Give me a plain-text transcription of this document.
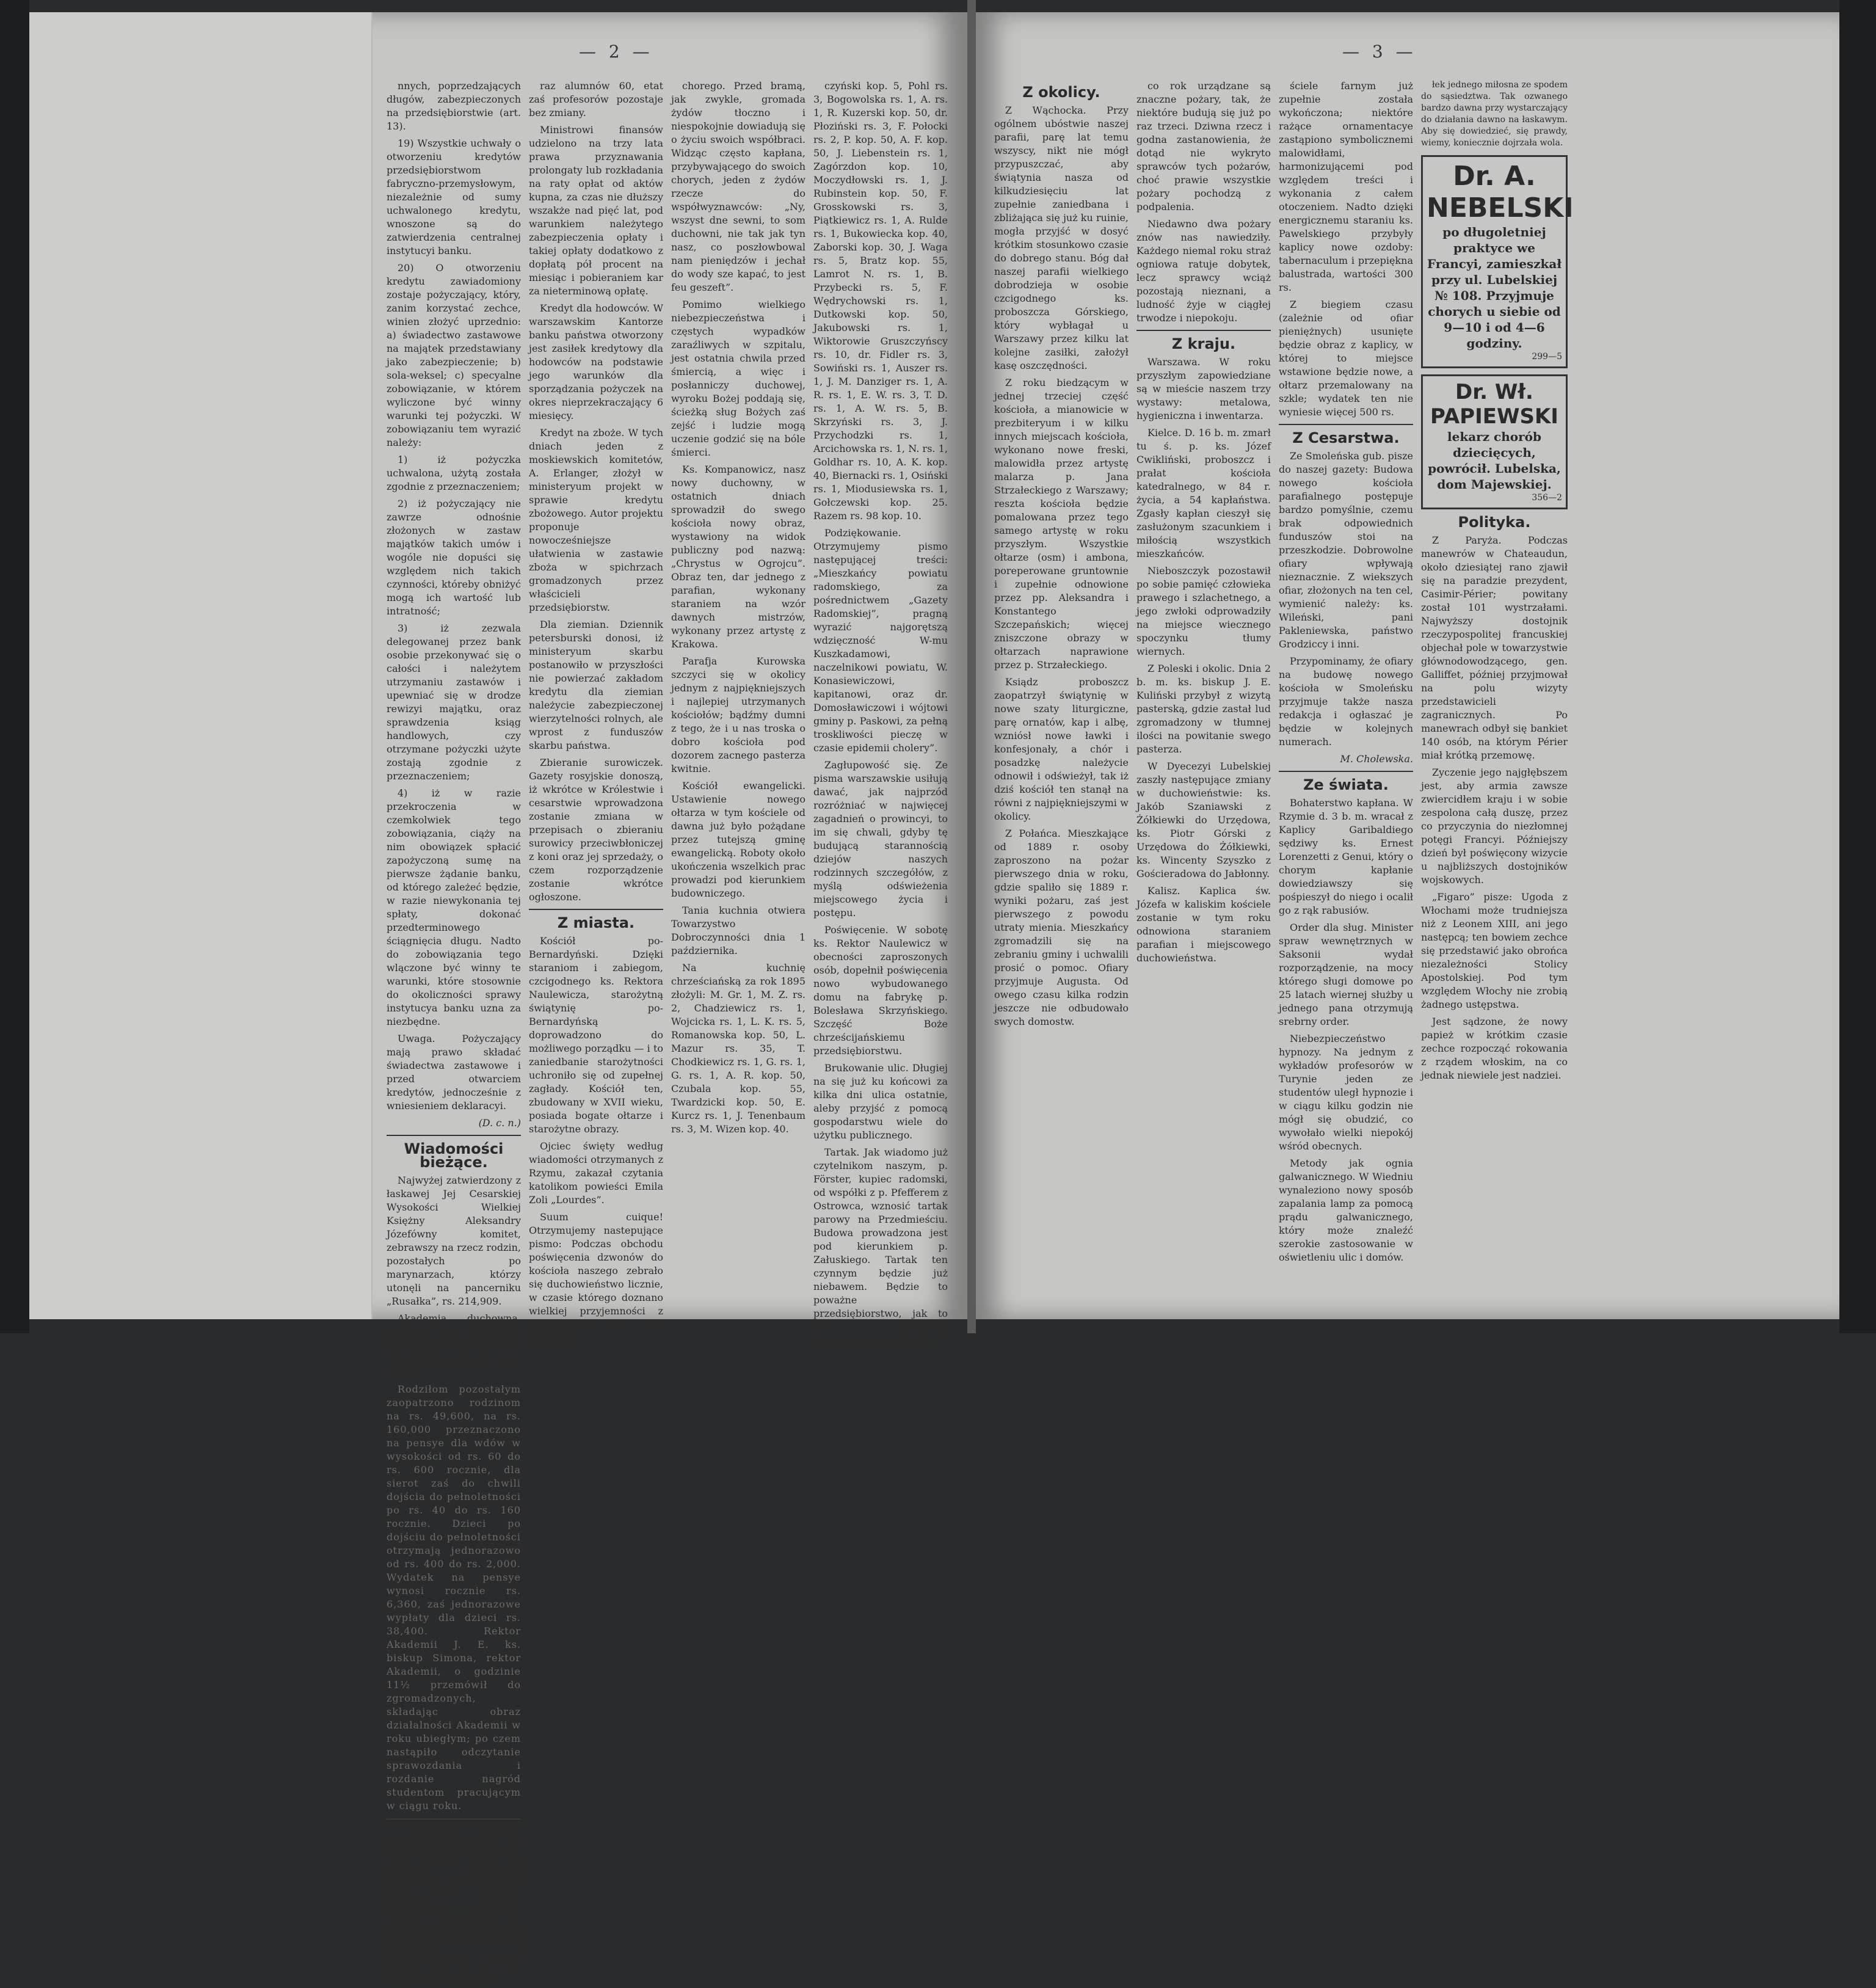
— 2 —

nnych, poprzedzających długów, zabezpieczonych na przedsiębiorstwie (art. 13).

19) Wszystkie uchwały o otworzeniu kredytów przedsiębiorstwom fabryczno-przemysłowym, niezależnie od sumy uchwalonego kredytu, wnoszone są do zatwierdzenia centralnej instytucyi banku.

20) O otworzeniu kredytu zawiadomiony zostaje pożyczający, który, zanim korzystać zechce, winien złożyć uprzednio: a) świadectwo zastawowe na majątek przedstawiany jako zabezpieczenie; b) sola-weksel; c) specyalne zobowiązanie, w którem wyliczone być winny warunki tej pożyczki. W zobowiązaniu tem wyrazić należy:

1) iż pożyczka uchwalona, użytą została zgodnie z przeznaczeniem;

2) iż pożyczający nie zawrze odnośnie złożonych w zastaw majątków takich umów i wogóle nie dopuści się względem nich takich czynności, któreby obniżyć mogą ich wartość lub intratność;

3) iż zezwala delegowanej przez bank osobie przekonywać się o całości i należytem utrzymaniu zastawów i upewniać się w drodze rewizyi majątku, oraz sprawdzenia ksiąg handlowych, czy otrzymane pożyczki użyte zostają zgodnie z przeznaczeniem;

4) iż w razie przekroczenia w czemkolwiek tego zobowiązania, ciąży na nim obowiązek spłacić zapożyczoną sumę na pierwsze żądanie banku, od którego zależeć będzie, w razie niewykonania tej spłaty, dokonać przedterminowego ściągnięcia długu. Nadto do zobowiązania tego wlączone być winny te warunki, które stosownie do okoliczności sprawy instytucya banku uzna za niezbędne.

Uwaga. Pożyczający mają prawo składać świadectwa zastawowe i przed otwarciem kredytów, jednocześnie z wniesieniem deklaracyi.

(D. c. n.)

Wiadomości bieżące.

Najwyżej zatwierdzony z łaskawej Jej Cesarskiej Wysokości Wielkiej Księżny Aleksandry Józefówny komitet, zebrawszy na rzecz rodzin, pozostałych po marynarzach, którzy utonęli na pancerniku „Rusałka”, rs. 214,909.

Akademia duchowna. Otwarcie roku szkolnego w Akademii duchownej w Petersburgu odbyło się d. 3 b. m.

Rodziłom pozostałym zaopatrzono rodzinom na rs. 49,600, na rs. 160,000 przeznaczono na pensye dla wdów w wysokości od rs. 60 do rs. 600 rocznie, dla sierot zaś do chwili dojścia do pełnoletności po rs. 40 do rs. 160 rocznie. Dzieci po dojściu do pełnoletności otrzymają jednorazowo od rs. 400 do rs. 2,000. Wydatek na pensye wynosi rocznie rs. 6,360, zaś jednorazowe wypłaty dla dzieci rs. 38,400. Rektor Akademii J. E. ks. biskup Simona, rektor Akademii, o godzinie 11½ przemówił do zgromadzonych, składając obraz działalności Akademii w roku ubiegłym; po czem nastąpiło odczytanie sprawozdania i rozdanie nagród studentom pracującym w ciągu roku.

*) Świadectwo zastawowe wydaje się przez regent lub zastępującego go instytucyi tej. Jeżeli majątek jest już zastawiony, świadectwem zastawowem, wówczas otrzyma regent wydać dodatkowe świadectwo zastawowe, przyczem przedstawiony być winien wykaz odnośnej hipoteki oraz najnowszy wyciąg z ksiąg wieczystych, z wyszczególnieniem ciężarów majątku (dod. do art. 122¹ ustawy o sprawach regent.).

raz alumnów 60, etat zaś profesorów pozostaje bez zmiany.

Ministrowi finansów udzielono na trzy lata prawa przyznawania prolongaty lub rozkładania na raty opłat od aktów kupna, za czas nie dłuższy wszakże nad pięć lat, pod warunkiem należytego zabezpieczenia opłaty i takiej opłaty dodatkowo z dopłatą pół procent na miesiąc i pobieraniem kar za nieterminową opłatę.

Kredyt dla hodowców. W warszawskim Kantorze banku państwa otworzony jest zasiłek kredytowy dla hodowców na podstawie jego warunków dla sporządzania pożyczek na okres nieprzekraczający 6 miesięcy.

Kredyt na zboże. W tych dniach jeden z moskiewskich komitetów, A. Erlanger, złożył w ministeryum projekt w sprawie kredytu zbożowego. Autor projektu proponuje nowocześniejsze ułatwienia w zastawie zboża w spichrzach gromadzonych przez właścicieli przedsiębiorstw.

Dla ziemian. Dziennik petersburski donosi, iż ministeryum skarbu postanowiło w przyszłości nie powierzać zakładom kredytu dla ziemian należycie zabezpieczonej wierzytelności rolnych, ale wprost z funduszów skarbu państwa.

Zbieranie surowiczek. Gazety rosyjskie donoszą, iż wkrótce w Królestwie i cesarstwie wprowadzona zostanie zmiana w przepisach o zbieraniu surowicy przeciwbłoniczej z koni oraz jej sprzedaży, o czem rozporządzenie zostanie wkrótce ogłoszone.

Z miasta.

Kościół po-Bernardyński. Dzięki staraniom i zabiegom, czcigodnego ks. Rektora Naulewicza, starożytną świątynię po-Bernardyńską doprowadzono do możliwego porządku — i to zaniedbanie starożytności uchroniło się od zupełnej zagłady. Kościół ten, zbudowany w XVII wieku, posiada bogate ołtarze i starożytne obrazy.

Ojciec święty według wiadomości otrzymanych z Rzymu, zakazał czytania katolikom powieści Emila Zoli „Lourdes”.

Suum cuique! Otrzymujemy nastepujące pismo: Podczas obchodu poświęcenia dzwonów do kościoła naszego zebrało się duchowieństwo licznie, w czasie którego doznano wielkiej przyjemności z objawionych dla nas względów.

chorego. Przed bramą, jak zwykle, gromada żydów tłoczno i niespokojnie dowiadują się o życiu swoich współbraci. Widząc często kapłana, przybywającego do swoich chorych, jeden z żydów rzecze do współwyznawców: „Ny, wszyst dne sewni, to som duchowni, nie tak jak tyn nasz, co poszłowbowal nam pieniędzów i jechał do wody sze kapać, to jest feu geszeft”.

Pomimo wielkiego niebezpieczeństwa i częstych wypadków zaraźliwych w szpitalu, jest ostatnia chwila przed śmiercią, a więc i posłanniczy duchowej, wyroku Bożej poddają się, ścieżką sług Bożych zaś zejść i ludzie mogą uczenie godzić się na bóle śmierci.

Ks. Kompanowicz, nasz nowy duchowny, w ostatnich dniach sprowadził do swego kościoła nowy obraz, wystawiony na widok publiczny pod nazwą: „Chrystus w Ogrojcu”. Obraz ten, dar jednego z parafian, wykonany staraniem na wzór dawnych mistrzów, wykonany przez artystę z Krakowa.

Parafja Kurowska szczyci się w okolicy jednym z najpiękniejszych i najlepiej utrzymanych kościołów; bądźmy dumni z tego, że i u nas troska o dobro kościoła pod dozorem zacnego pasterza kwitnie.

Kościół ewangelicki. Ustawienie nowego ołtarza w tym kościele od dawna już było pożądane przez tutejszą gminę ewangelicką. Roboty około ukończenia wszelkich prac prowadzi pod kierunkiem budowniczego.

Tania kuchnia otwiera Towarzystwo Dobroczynności dnia 1 października.

Na kuchnię chrześciańską za rok 1895 złożyli: M. Gr. 1, M. Z. rs. 2, Chadziewicz rs. 1, Wojcicka rs. 1, L. K. rs. 5, Romanowska kop. 50, L. Mazur rs. 35, T. Chodkiewicz rs. 1, G. rs. 1, G. rs. 1, A. R. kop. 50, Czubala kop. 55, Twardzicki kop. 50, E. Kurcz rs. 1, J. Tenenbaum rs. 3, M. Wizen kop. 40.

czyński kop. 5, Pohl rs. 3, Bogowolska rs. 1, A. rs. 1, R. Kuzerski kop. 50, dr. Płoziński rs. 3, F. Połocki rs. 2, P. kop. 50, A. F. kop. 50, J. Liebenstein rs. 1, Zagórzdon kop. 10, Moczydłowski rs. 1, J. Rubinstein kop. 50, F. Grosskowski rs. 3, Piątkiewicz rs. 1, A. Rulde rs. 1, Bukowiecka kop. 40, Zaborski kop. 30, J. Waga rs. 5, Bratz kop. 55, Lamrot N. rs. 1, B. Przybecki rs. 5, F. Wędrychowski rs. 1, Dutkowski kop. 50, Jakubowski rs. 1, Wiktorowie Gruszczyńscy rs. 10, dr. Fidler rs. 3, Sowiński rs. 1, Auszer rs. 1, J. M. Danziger rs. 1, A. R. rs. 1, E. W. rs. 3, T. D. rs. 1, A. W. rs. 5, B. Skrzyński rs. 3, J. Przychodzki rs. 1, Arcichowska rs. 1, N. rs. 1, Goldhar rs. 10, A. K. kop. 40, Biernacki rs. 1, Osiński rs. 1, Miodusiewska rs. 1, Gołczewski kop. 25. Razem rs. 98 kop. 10.

Podziękowanie. Otrzymujemy pismo następującej treści: „Mieszkańcy powiatu radomskiego, za pośrednictwem „Gazety Radomskiej”, pragną wyrazić najgorętszą wdzięczność W-mu Kuszkadamowi, naczelnikowi powiatu, W. Konasiewiczowi, kapitanowi, oraz dr. Domosławiczowi i wójtowi gminy p. Paskowi, za pełną troskliwości pieczę w czasie epidemii cholery”.

Zagłupowość się. Ze pisma warszawskie usiłują dawać, jak najprzód rozróżniać w najwięcej zagadnień o prowincyi, to im się chwali, gdyby tę budującą starannością dziejów naszych rodzinnych szczegółów, z myślą odświeżenia miejscowego życia i postępu.

Poświęcenie. W sobotę ks. Rektor Naulewicz w obecności zaproszonych osób, dopełnił poświęcenia nowo wybudowanego domu na fabrykę p. Bolesława Skrzyńskiego. Szczęść Boże chrześcijańskiemu przedsiębiorstwu.

Brukowanie ulic. Długiej na się już ku końcowi za kilka dni ulica ostatnie, aleby przyjść z pomocą gospodarstwu wiele do użytku publicznego.

Tartak. Jak wiadomo już czytelnikom naszym, p. Förster, kupiec radomski, od współki z p. Pfefferem z Ostrowca, wznosić tartak parowy na Przedmieściu. Budowa prowadzona jest pod kierunkiem p. Załuskiego. Tartak ten czynnym będzie już niebawem. Będzie to poważne przedsiębiorstwo, jak to jest podstawą miejscowego przemysłu.

— 3 —
Z okolicy.

Z Wąchocka. Przy ogólnem ubóstwie naszej parafii, parę lat temu wszyscy, nikt nie mógł przypuszczać, aby świątynia nasza od kilkudziesięciu lat zupełnie zaniedbana i zbliżająca się już ku ruinie, mogła przyjść w dosyć krótkim stosunkowo czasie do dobrego stanu. Bóg dał naszej parafii wielkiego dobrodzieja w osobie czcigodnego ks. proboszcza Górskiego, który wybłagał u Warszawy przez kilku lat kolejne zasiłki, założył kasę oszczędności.

Z roku biedzącym w jednej trzeciej część kościoła, a mianowicie w prezbiteryum i w kilku innych miejscach kościoła, wykonano nowe freski, malowidła przez artystę malarza p. Jana Strzałeckiego z Warszawy; reszta kościoła będzie pomalowana przez tego samego artystę w roku przyszłym. Wszystkie ołtarze (osm) i ambona, poreperowane gruntownie i zupełnie odnowione przez pp. Aleksandra i Konstantego Szczepańskich; więcej zniszczone obrazy w ołtarzach naprawione przez p. Strzałeckiego.

Ksiądz proboszcz zaopatrzył świątynię w nowe szaty liturgiczne, parę ornatów, kap i albę, wzniósł nowe ławki i konfesjonały, a chór i posadzkę należycie odnowił i odświeżył, tak iż dziś kościół ten stanął na równi z najpiękniejszymi w okolicy.

Z Połańca. Mieszkające od 1889 r. osoby zaproszono na pożar pierwszego dnia w roku, gdzie spaliło się 1889 r. wyniki pożaru, zaś jest pierwszego z powodu utraty mienia. Mieszkańcy zgromadzili się na zebraniu gminy i uchwalili prosić o pomoc. Ofiary przyjmuje Augusta. Od owego czasu kilka rodzin jeszcze nie odbudowało swych domostw.

co rok urządzane są znaczne pożary, tak, że niektóre budują się już po raz trzeci. Dziwna rzecz i godna zastanowienia, że dotąd nie wykryto sprawców tych pożarów, choć prawie wszystkie pożary pochodzą z podpalenia.

Niedawno dwa pożary znów nas nawiedziły. Każdego niemal roku straż ogniowa ratuje dobytek, lecz sprawcy wciąż pozostają nieznani, a ludność żyje w ciągłej trwodze i niepokoju.

Z kraju.

Warszawa. W roku przyszłym zapowiedziane są w mieście naszem trzy wystawy: metalowa, hygieniczna i inwentarza.

Kielce. D. 16 b. m. zmarł tu ś. p. ks. Józef Cwikliński, proboszcz i prałat kościoła katedralnego, w 84 r. życia, a 54 kapłaństwa. Zgasły kapłan cieszył się zasłużonym szacunkiem i miłością wszystkich mieszkańców.

Nieboszczyk pozostawił po sobie pamięć człowieka prawego i szlachetnego, a jego zwłoki odprowadziły na miejsce wiecznego spoczynku tłumy wiernych.

Z Poleski i okolic. Dnia 2 b. m. ks. biskup J. E. Kuliński przybył z wizytą pasterską, gdzie zastał lud zgromadzony w tłumnej ilości na powitanie swego pasterza.

W Dyecezyi Lubelskiej zaszły następujące zmiany w duchowieństwie: ks. Jakób Szaniawski z Żółkiewki do Urzędowa, ks. Piotr Górski z Urzędowa do Żółkiewki, ks. Wincenty Szyszko z Gościeradowa do Jabłonny.

Kalisz. Kaplica św. Józefa w kaliskim kościele zostanie w tym roku odnowiona staraniem parafian i miejscowego duchowieństwa.

ściele farnym już zupełnie została wykończona; niektóre rażące ornamentacye zastąpiono symbolicznemi malowidłami, harmonizującemi pod względem treści i wykonania z całem otoczeniem. Nadto dzięki energicznemu staraniu ks. Pawelskiego przybyły kaplicy nowe ozdoby: tabernaculum i przepiękna balustrada, wartości 300 rs.

Z biegiem czasu (zależnie od ofiar pieniężnych) usunięte będzie obraz z kaplicy, w której to miejsce wstawione będzie nowe, a ołtarz przemalowany na szkle; wydatek ten nie wyniesie więcej 500 rs.

Z Cesarstwa.

Ze Smoleńska gub. pisze do naszej gazety: Budowa nowego kościoła parafialnego postępuje bardzo pomyślnie, czemu brak odpowiednich funduszów stoi na przeszkodzie. Dobrowolne ofiary wpływają nieznacznie. Z wiekszych ofiar, złożonych na ten cel, wymienić należy: ks. Wileński, pani Pakleniewska, państwo Grodziccy i inni.

Przypominamy, że ofiary na budowę nowego kościoła w Smoleńsku przyjmuje także nasza redakcja i ogłaszać je będzie w kolejnych numerach.

M. Cholewska.

Ze świata.

Bohaterstwo kapłana. W Rzymie d. 3 b. m. wracał z Kaplicy Garibaldiego sędziwy ks. Ernest Lorenzetti z Genui, który o chorym kapłanie dowiedziawszy się pośpieszył do niego i ocalił go z rąk rabusiów.

Order dla sług. Minister spraw wewnętrznych w Saksonii wydał rozporządzenie, na mocy którego sługi domowe po 25 latach wiernej służby u jednego pana otrzymują srebrny order.

Niebezpieczeństwo hypnozy. Na jednym z wykładów profesorów w Turynie jeden ze studentów uległ hypnozie i w ciągu kilku godzin nie mógł się obudzić, co wywołało wielki niepokój wśród obecnych.

Metody jak ognia galwanicznego. W Wiedniu wynaleziono nowy sposób zapalania lamp za pomocą prądu galwanicznego, który może znaleźć szerokie zastosowanie w oświetleniu ulic i domów.

łek jednego miłosna ze spodem do sąsiedztwa. Tak ozwanego bardzo dawna przy wystarczający do działania dawno na łaskawym. Aby się dowiedzieć, się prawdy, wiemy, koniecznie dojrzała wola.

Dr. A. NEBELSKI
po długoletniej praktyce we Francyi, zamieszkał przy ul. Lubelskiej № 108. Przyjmuje chorych u siebie od 9—10 i od 4—6 godziny.
299—5
Dr. Wł. PAPIEWSKI
lekarz chorób dziecięcych, powrócił. Lubelska, dom Majewskiej.
356—2
Polityka.

Z Paryża. Podczas manewrów w Chateaudun, około dziesiątej rano zjawił się na paradzie prezydent, Casimir-Périer; powitany został 101 wystrzałami. Najwyższy dostojnik rzeczypospolitej francuskiej objechał pole w towarzystwie głównodowodzącego, gen. Galliffet, później przyjmował na polu wizyty przedstawicieli zagranicznych. Po manewrach odbył się bankiet 140 osób, na którym Périer miał krótką przemowę.

Zyczenie jego najgłębszem jest, aby armia zawsze zwiercidłem kraju i w sobie zespolona całą duszę, przez co przyczynia do niezłomnej potęgi Francyi. Późniejszy dzień był poświęcony wizycie u najbliższych dostojników wojskowych.

„Figaro” pisze: Ugoda z Włochami może trudniejsza niż z Leonem XIII, ani jego następcą; ten bowiem zechce się przedstawić jako obrońca niezależności Stolicy Apostolskiej. Pod tym względem Włochy nie zrobią żadnego ustępstwa.

Jest sądzone, że nowy papież w krótkim czasie zechce rozpocząć rokowania z rządem włoskim, na co jednak niewiele jest nadziei.
